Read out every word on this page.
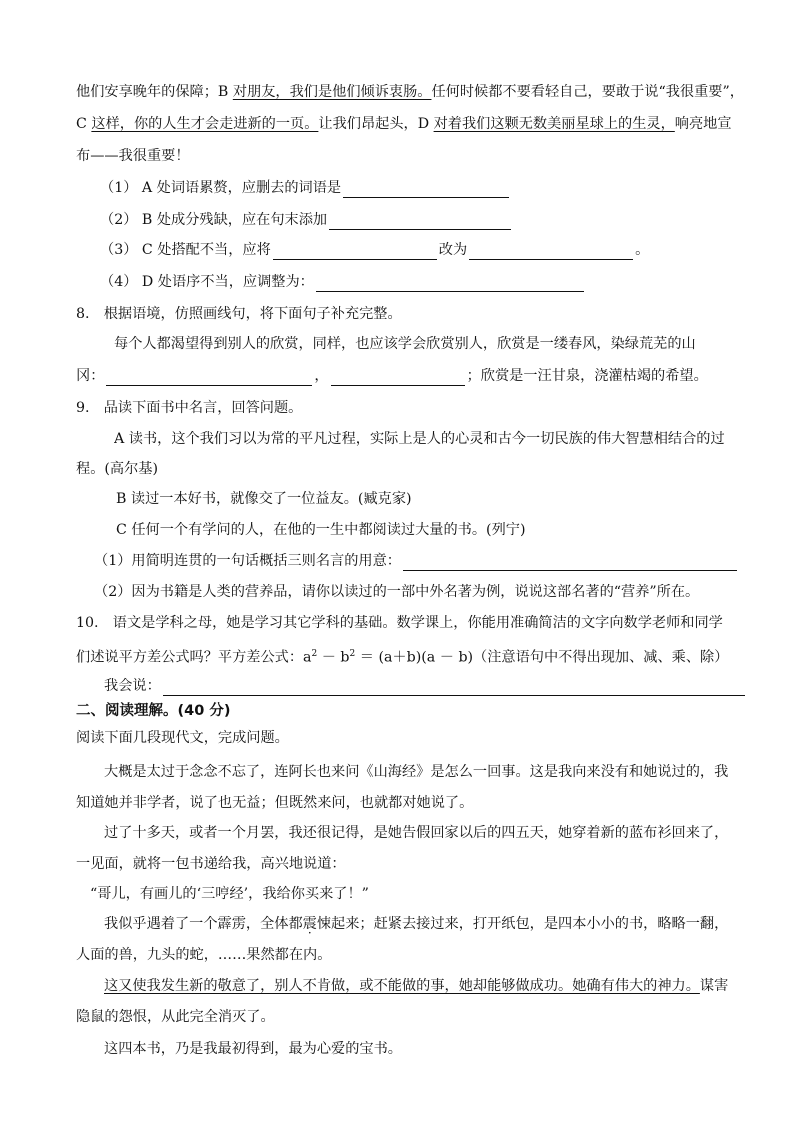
他们安享晚年的保障；B 对朋友，我们是他们倾诉衷肠。任何时候都不要看轻自己，要敢于说“我很重要”，
C 这样，你的人生才会走进新的一页。让我们昂起头，D 对着我们这颗无数美丽星球上的生灵，响亮地宣
布——我很重要！
（1） A 处词语累赘，应删去的词语是
（2） B 处成分残缺，应在句末添加
（3） C 处搭配不当，应将	改为	。
（4） D 处语序不当，应调整为：
8.　根据语境，仿照画线句，将下面句子补充完整。
每个人都渴望得到别人的欣赏，同样，也应该学会欣赏别人，欣赏是一缕春风，染绿荒芜的山
冈：	，	；欣赏是一汪甘泉，浇灌枯竭的希望。
9.　品读下面书中名言，回答问题。
A 读书，这个我们习以为常的平凡过程，实际上是人的心灵和古今一切民族的伟大智慧相结合的过
程。(高尔基)
B 读过一本好书，就像交了一位益友。(臧克家)
C 任何一个有学问的人，在他的一生中都阅读过大量的书。(列宁)
（1）用简明连贯的一句话概括三则名言的用意：
（2）因为书籍是人类的营养品，请你以读过的一部中外名著为例，说说这部名著的“营养”所在。
10.　语文是学科之母，她是学习其它学科的基础。数学课上，你能用准确简洁的文字向数学老师和同学
们述说平方差公式吗？平方差公式：$a^2 - b^2 = (a+b)(a - b)$（注意语句中不得出现加、减、乘、除）
我会说：
二、阅读理解。(40 分)
阅读下面几段现代文，完成问题。
大概是太过于念念不忘了，连阿长也来问《山海经》是怎么一回事。这是我向来没有和她说过的，我
知道她并非学者，说了也无益；但既然来问，也就都对她说了。
过了十多天，或者一个月罢，我还很记得，是她告假回家以后的四五天，她穿着新的蓝布衫回来了，
一见面，就将一包书递给我，高兴地说道：
“哥儿，有画儿的‘三哼经’，我给你买来了！”
我似乎遇着了一个霹雳，全体都震悚起来；赶紧去接过来，打开纸包，是四本小小的书，略略一翻，
人面的兽，九头的蛇，……果然都在内。
这又使我发生新的敬意了，别人不肯做，或不能做的事，她却能够做成功。她确有伟大的神力。谋害
隐鼠的怨恨，从此完全消灭了。
这四本书，乃是我最初得到，最为心爱的宝书。
